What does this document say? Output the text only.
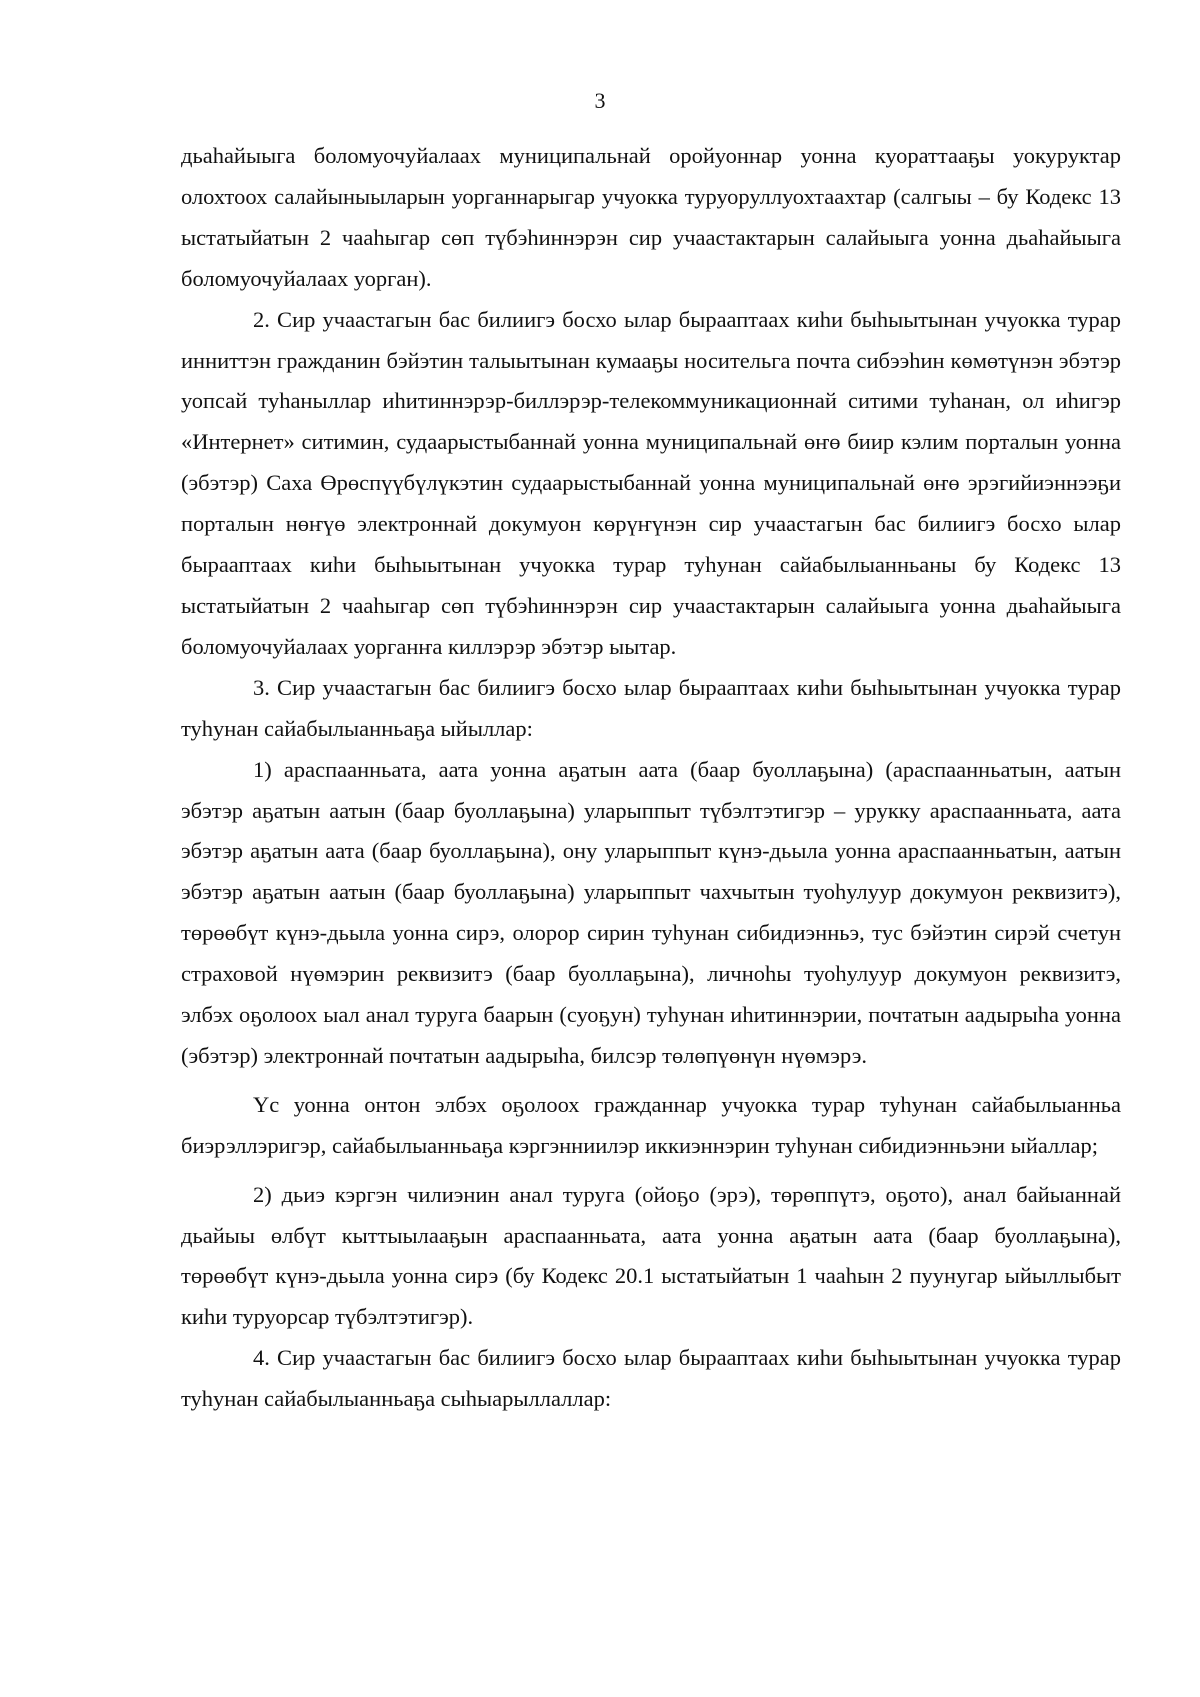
3

дьаһайыыга боломуочуйалаах муниципальнай оройуоннар уонна куораттааҕы уокуруктар олохтоох салайыныыларын уорганнарыгар учуокка туруоруллуохтаахтар (салгыы – бу Кодекс 13 ыстатыйатын 2 чааһыгар сөп түбэһиннэрэн сир учаастактарын салайыыга уонна дьаһайыыга боломуочуйалаах уорган).

2. Сир учаастагын бас билиигэ босхо ылар бырааптаах киһи быһыытынан учуокка турар инниттэн гражданин бэйэтин талыытынан кумааҕы носительга почта сибээһин көмөтүнэн эбэтэр уопсай туһаныллар иһитиннэрэр-биллэрэр-телекоммуникационнай ситими туһанан, ол иһигэр «Интернет» ситимин, судаарыстыбаннай уонна муниципальнай өҥө биир кэлим порталын уонна (эбэтэр) Саха Өрөспүүбүлүкэтин судаарыстыбаннай уонна муниципальнай өҥө эрэгийиэннээҕи порталын нөҥүө электроннай докумуон көрүҥүнэн сир учаастагын бас билиигэ босхо ылар бырааптаах киһи быһыытынан учуокка турар туһунан сайабылыанньаны бу Кодекс 13 ыстатыйатын 2 чааһыгар сөп түбэһиннэрэн сир учаастактарын салайыыга уонна дьаһайыыга боломуочуйалаах уорганҥа киллэрэр эбэтэр ыытар.

3. Сир учаастагын бас билиигэ босхо ылар бырааптаах киһи быһыытынан учуокка турар туһунан сайабылыанньаҕа ыйыллар:

1) араспаанньата, аата уонна аҕатын аата (баар буоллаҕына) (араспаанньатын, аатын эбэтэр аҕатын аатын (баар буоллаҕына) уларыппыт түбэлтэтигэр – урукку араспаанньата, аата эбэтэр аҕатын аата (баар буоллаҕына), ону уларыппыт күнэ-дьыла уонна араспаанньатын, аатын эбэтэр аҕатын аатын (баар буоллаҕына) уларыппыт чахчытын туоһулуур докумуон реквизитэ), төрөөбүт күнэ-дьыла уонна сирэ, олорор сирин туһунан сибидиэнньэ, тус бэйэтин сирэй счетун страховой нүөмэрин реквизитэ (баар буоллаҕына), личноһы туоһулуур докумуон реквизитэ, элбэх оҕолоох ыал анал туруга баарын (суоҕун) туһунан иһитиннэрии, почтатын аадырыһа уонна (эбэтэр) электроннай почтатын аадырыһа, билсэр төлөпүөнүн нүөмэрэ.

Үс уонна онтон элбэх оҕолоох гражданнар учуокка турар туһунан сайабылыанньа биэрэллэригэр, сайабылыанньаҕа кэргэнниилэр иккиэннэрин туһунан сибидиэнньэни ыйаллар;

2) дьиэ кэргэн чилиэнин анал туруга (ойоҕо (эрэ), төрөппүтэ, оҕото), анал байыаннай дьайыы өлбүт кыттыылааҕын араспаанньата, аата уонна аҕатын аата (баар буоллаҕына), төрөөбүт күнэ-дьыла уонна сирэ (бу Кодекс 20.1 ыстатыйатын 1 чааһын 2 пуунугар ыйыллыбыт киһи туруорсар түбэлтэтигэр).

4. Сир учаастагын бас билиигэ босхо ылар бырааптаах киһи быһыытынан учуокка турар туһунан сайабылыанньаҕа сыһыарыллаллар:
